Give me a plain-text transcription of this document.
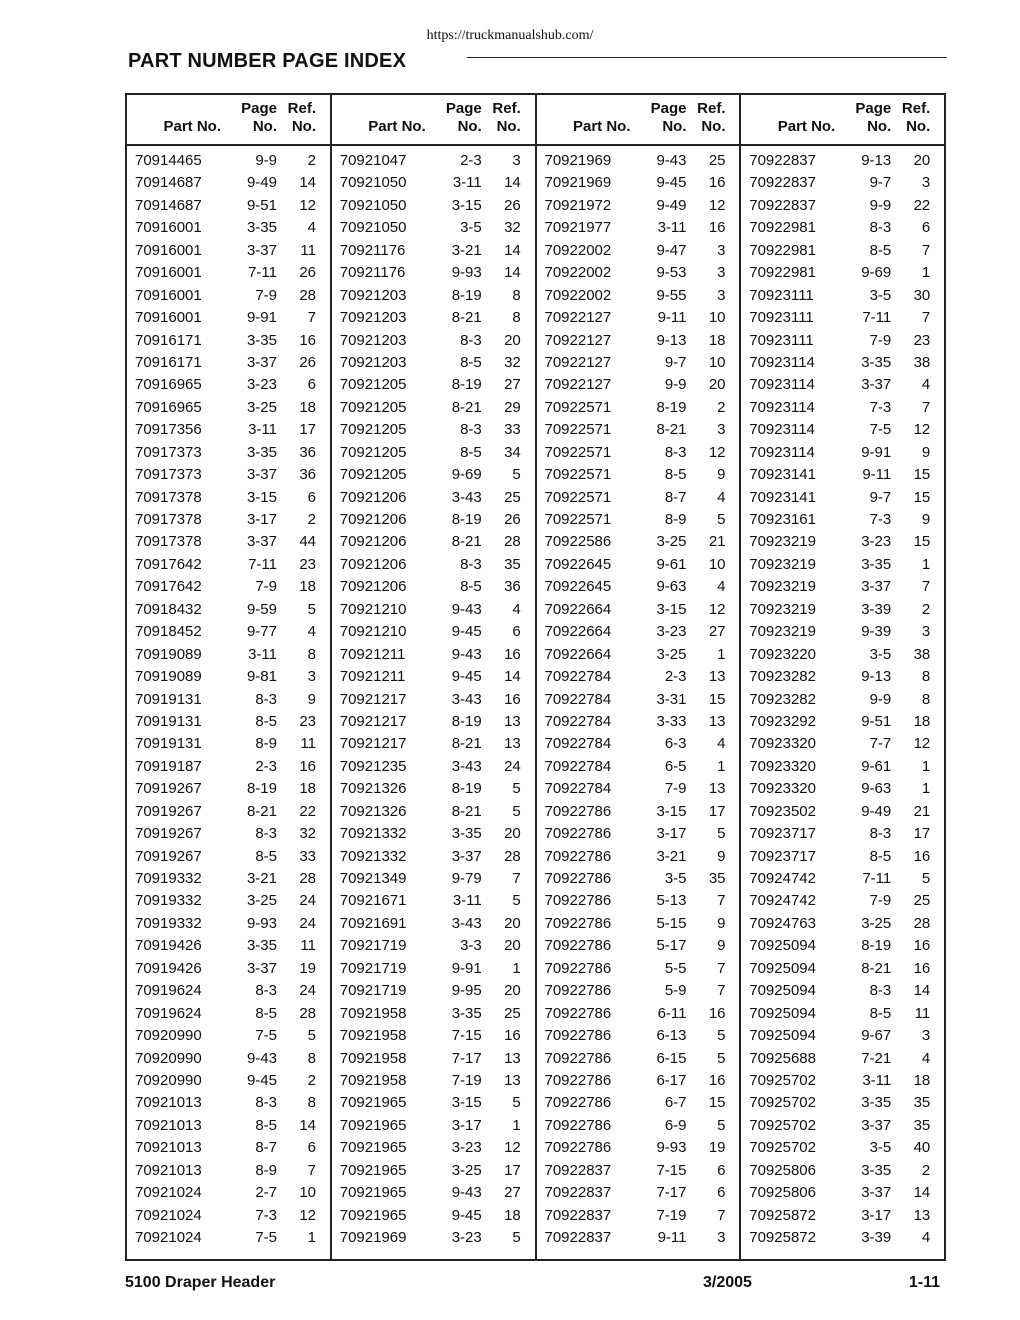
https://truckmanualshub.com/
PART NUMBER PAGE INDEX
Part No.
Page
No.
Ref.
No.
70914465	9-9	2
70914687	9-49	14
70914687	9-51	12
70916001	3-35	4
70916001	3-37	11
70916001	7-11	26
70916001	7-9	28
70916001	9-91	7
70916171	3-35	16
70916171	3-37	26
70916965	3-23	6
70916965	3-25	18
70917356	3-11	17
70917373	3-35	36
70917373	3-37	36
70917378	3-15	6
70917378	3-17	2
70917378	3-37	44
70917642	7-11	23
70917642	7-9	18
70918432	9-59	5
70918452	9-77	4
70919089	3-11	8
70919089	9-81	3
70919131	8-3	9
70919131	8-5	23
70919131	8-9	11
70919187	2-3	16
70919267	8-19	18
70919267	8-21	22
70919267	8-3	32
70919267	8-5	33
70919332	3-21	28
70919332	3-25	24
70919332	9-93	24
70919426	3-35	11
70919426	3-37	19
70919624	8-3	24
70919624	8-5	28
70920990	7-5	5
70920990	9-43	8
70920990	9-45	2
70921013	8-3	8
70921013	8-5	14
70921013	8-7	6
70921013	8-9	7
70921024	2-7	10
70921024	7-3	12
70921024	7-5	1
Part No.
Page
No.
Ref.
No.
70921047	2-3	3
70921050	3-11	14
70921050	3-15	26
70921050	3-5	32
70921176	3-21	14
70921176	9-93	14
70921203	8-19	8
70921203	8-21	8
70921203	8-3	20
70921203	8-5	32
70921205	8-19	27
70921205	8-21	29
70921205	8-3	33
70921205	8-5	34
70921205	9-69	5
70921206	3-43	25
70921206	8-19	26
70921206	8-21	28
70921206	8-3	35
70921206	8-5	36
70921210	9-43	4
70921210	9-45	6
70921211	9-43	16
70921211	9-45	14
70921217	3-43	16
70921217	8-19	13
70921217	8-21	13
70921235	3-43	24
70921326	8-19	5
70921326	8-21	5
70921332	3-35	20
70921332	3-37	28
70921349	9-79	7
70921671	3-11	5
70921691	3-43	20
70921719	3-3	20
70921719	9-91	1
70921719	9-95	20
70921958	3-35	25
70921958	7-15	16
70921958	7-17	13
70921958	7-19	13
70921965	3-15	5
70921965	3-17	1
70921965	3-23	12
70921965	3-25	17
70921965	9-43	27
70921965	9-45	18
70921969	3-23	5
Part No.
Page
No.
Ref.
No.
70921969	9-43	25
70921969	9-45	16
70921972	9-49	12
70921977	3-11	16
70922002	9-47	3
70922002	9-53	3
70922002	9-55	3
70922127	9-11	10
70922127	9-13	18
70922127	9-7	10
70922127	9-9	20
70922571	8-19	2
70922571	8-21	3
70922571	8-3	12
70922571	8-5	9
70922571	8-7	4
70922571	8-9	5
70922586	3-25	21
70922645	9-61	10
70922645	9-63	4
70922664	3-15	12
70922664	3-23	27
70922664	3-25	1
70922784	2-3	13
70922784	3-31	15
70922784	3-33	13
70922784	6-3	4
70922784	6-5	1
70922784	7-9	13
70922786	3-15	17
70922786	3-17	5
70922786	3-21	9
70922786	3-5	35
70922786	5-13	7
70922786	5-15	9
70922786	5-17	9
70922786	5-5	7
70922786	5-9	7
70922786	6-11	16
70922786	6-13	5
70922786	6-15	5
70922786	6-17	16
70922786	6-7	15
70922786	6-9	5
70922786	9-93	19
70922837	7-15	6
70922837	7-17	6
70922837	7-19	7
70922837	9-11	3
Part No.
Page
No.
Ref.
No.
70922837	9-13	20
70922837	9-7	3
70922837	9-9	22
70922981	8-3	6
70922981	8-5	7
70922981	9-69	1
70923111	3-5	30
70923111	7-11	7
70923111	7-9	23
70923114	3-35	38
70923114	3-37	4
70923114	7-3	7
70923114	7-5	12
70923114	9-91	9
70923141	9-11	15
70923141	9-7	15
70923161	7-3	9
70923219	3-23	15
70923219	3-35	1
70923219	3-37	7
70923219	3-39	2
70923219	9-39	3
70923220	3-5	38
70923282	9-13	8
70923282	9-9	8
70923292	9-51	18
70923320	7-7	12
70923320	9-61	1
70923320	9-63	1
70923502	9-49	21
70923717	8-3	17
70923717	8-5	16
70924742	7-11	5
70924742	7-9	25
70924763	3-25	28
70925094	8-19	16
70925094	8-21	16
70925094	8-3	14
70925094	8-5	11
70925094	9-67	3
70925688	7-21	4
70925702	3-11	18
70925702	3-35	35
70925702	3-37	35
70925702	3-5	40
70925806	3-35	2
70925806	3-37	14
70925872	3-17	13
70925872	3-39	4
5100 Draper Header	3/2005	1-11
